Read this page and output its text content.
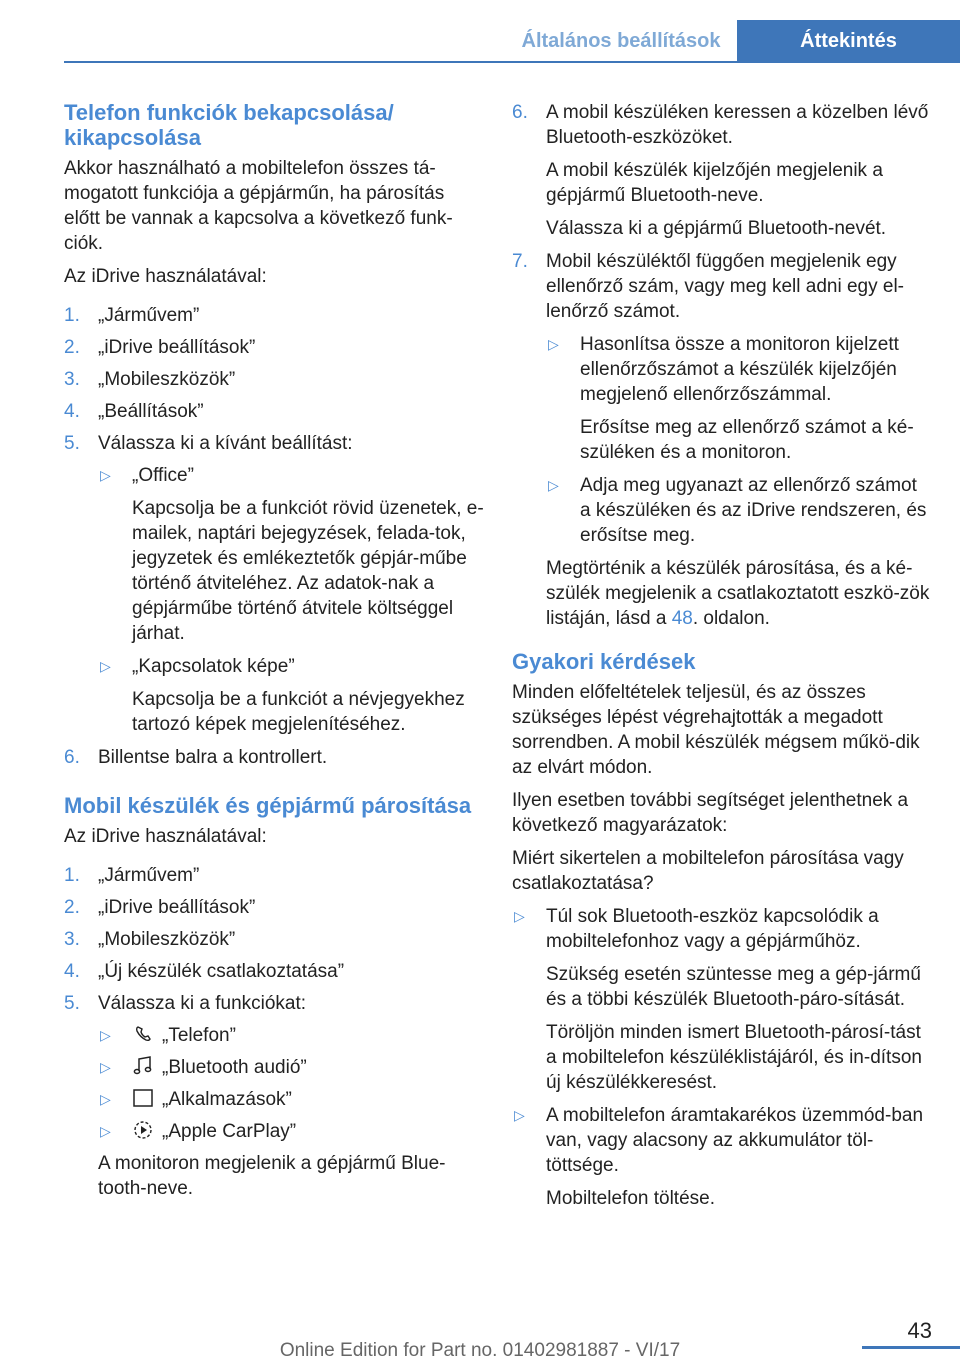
Általános beállítások	Áttekintés
Telefon funkciók bekapcsolása/ kikapcsolása

Akkor használható a mobiltelefon összes tá-mogatott funkciója a gépjárműn, ha párosítás előtt be vannak a kapcsolva a következő funk-ciók.

Az iDrive használatával:

1. „Járművem”
2. „iDrive beállítások”
3. „Mobileszközök”
4. „Beállítások”
5. Válassza ki a kívánt beállítást:
▷ „Office”

Kapcsolja be a funkciót rövid üzenetek, e-mailek, naptári bejegyzések, felada-tok, jegyzetek és emlékeztetők gépjár-műbe történő átviteléhez. Az adatok-nak a gépjárműbe történő átvitele költséggel járhat.

▷ „Kapcsolatok képe”

Kapcsolja be a funkciót a névjegyekhez tartozó képek megjelenítéséhez.

6. Billentse balra a kontrollert.
Mobil készülék és gépjármű párosítása

Az iDrive használatával:

1. „Járművem”
2. „iDrive beállítások”
3. „Mobileszközök”
4. „Új készülék csatlakoztatása”
5. Válassza ki a funkciókat:
▷	„Telefon”
▷	„Bluetooth audió”
▷	„Alkalmazások”
▷	„Apple CarPlay”

A monitoron megjelenik a gépjármű Blue-tooth-neve.

6. A mobil készüléken keressen a közelben lévő Bluetooth-eszközöket.

A mobil készülék kijelzőjén megjelenik a gépjármű Bluetooth-neve.

Válassza ki a gépjármű Bluetooth-nevét.

7. Mobil készüléktől függően megjelenik egy ellenőrző szám, vagy meg kell adni egy el-lenőrző számot.

▷ Hasonlítsa össze a monitoron kijelzett ellenőrzőszámot a készülék kijelzőjén megjelenő ellenőrzőszámmal.

Erősítse meg az ellenőrző számot a ké-szüléken és a monitoron.

▷ Adja meg ugyanazt az ellenőrző számot a készüléken és az iDrive rendszeren, és erősítse meg.

Megtörténik a készülék párosítása, és a ké-szülék megjelenik a csatlakoztatott eszkö-zök listáján, lásd a 48. oldalon.

Gyakori kérdések

Minden előfeltételek teljesül, és az összes szükséges lépést végrehajtották a megadott sorrendben. A mobil készülék mégsem műkö-dik az elvárt módon.

Ilyen esetben további segítséget jelenthetnek a következő magyarázatok:

Miért sikertelen a mobiltelefon párosítása vagy csatlakoztatása?

▷ Túl sok Bluetooth-eszköz kapcsolódik a mobiltelefonhoz vagy a gépjárműhöz.

Szükség esetén szüntesse meg a gép-jármű és a többi készülék Bluetooth-páro-sítását.

Töröljön minden ismert Bluetooth-párosí-tást a mobiltelefon készüléklistájáról, és in-dítson új készülékkeresést.

▷ A mobiltelefon áramtakarékos üzemmód-ban van, vagy alacsony az akkumulátor töl-töttsége.

Mobiltelefon töltése.

43
Online Edition for Part no. 01402981887 - VI/17
